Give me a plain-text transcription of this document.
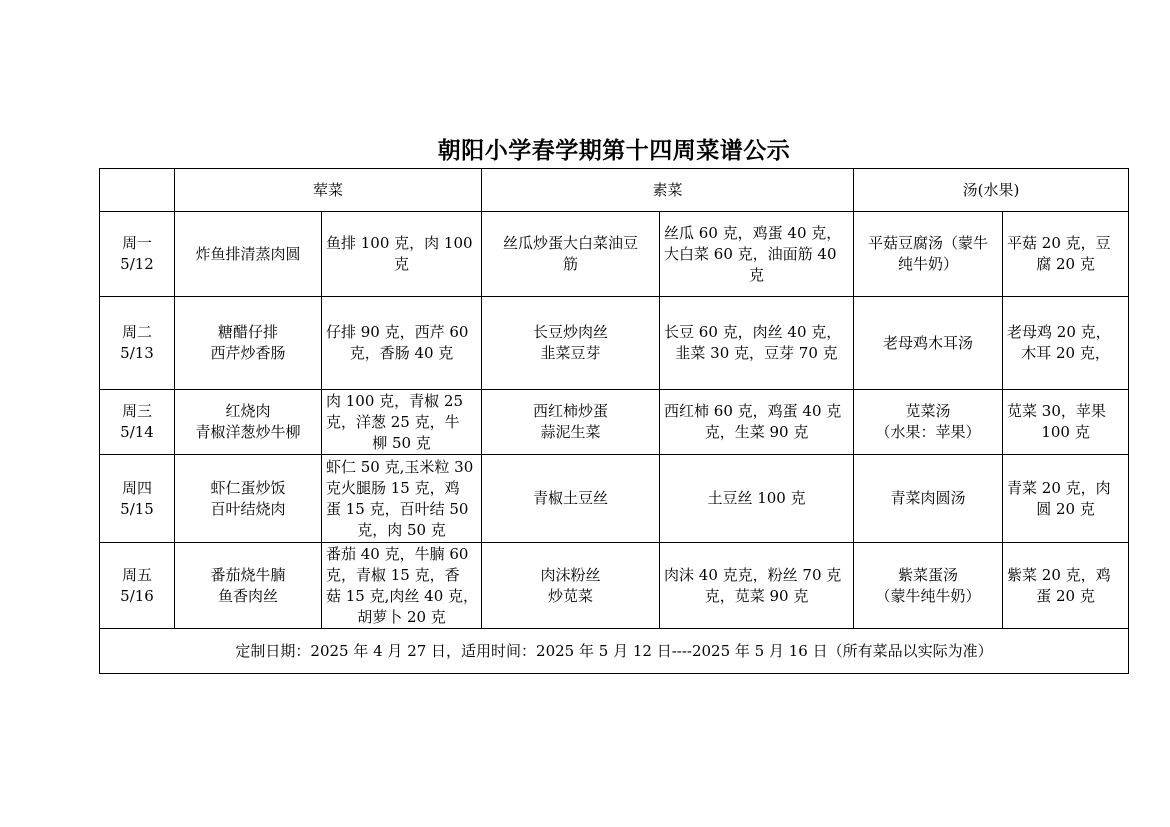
朝阳小学春学期第十四周菜谱公示
	荤菜		素菜		汤(水果)	

周一
5/12	炸鱼排清蒸肉圆	鱼排 100 克，肉 100
克	丝瓜炒蛋大白菜油豆
筋	丝瓜 60 克，鸡蛋 40 克，
大白菜 60 克，油面筋 40
克	平菇豆腐汤（蒙牛
纯牛奶）	平菇 20 克，豆
腐 20 克

周二
5/13	糖醋仔排
西芹炒香肠	仔排 90 克，西芹 60
克，香肠 40 克	长豆炒肉丝
韭菜豆芽	长豆 60 克，肉丝 40 克，
韭菜 30 克，豆芽 70 克	老母鸡木耳汤	老母鸡 20 克，
木耳 20 克，

周三
5/14	红烧肉
青椒洋葱炒牛柳	肉 100 克，青椒 25
克，洋葱 25 克，牛
柳 50 克	西红柿炒蛋
蒜泥生菜	西红柿 60 克，鸡蛋 40 克
克，生菜 90 克	苋菜汤
（水果：苹果）	苋菜 30，苹果
100 克

周四
5/15	虾仁蛋炒饭
百叶结烧肉	虾仁 50 克,玉米粒 30
克火腿肠 15 克，鸡
蛋 15 克，百叶结 50
克，肉 50 克	青椒土豆丝	土豆丝 100 克	青菜肉圆汤	青菜 20 克，肉
圆 20 克

周五
5/16	番茄烧牛腩
鱼香肉丝	番茄 40 克，牛腩 60
克，青椒 15 克，香
菇 15 克,肉丝 40 克，
胡萝卜 20 克	肉沫粉丝
炒苋菜	肉沫 40 克克，粉丝 70 克
克，苋菜 90 克	紫菜蛋汤
（蒙牛纯牛奶）	紫菜 20 克，鸡
蛋 20 克

定制日期：2025 年 4 月 27 日，适用时间：2025 年 5 月 12 日----2025 年 5 月 16 日（所有菜品以实际为准）						
